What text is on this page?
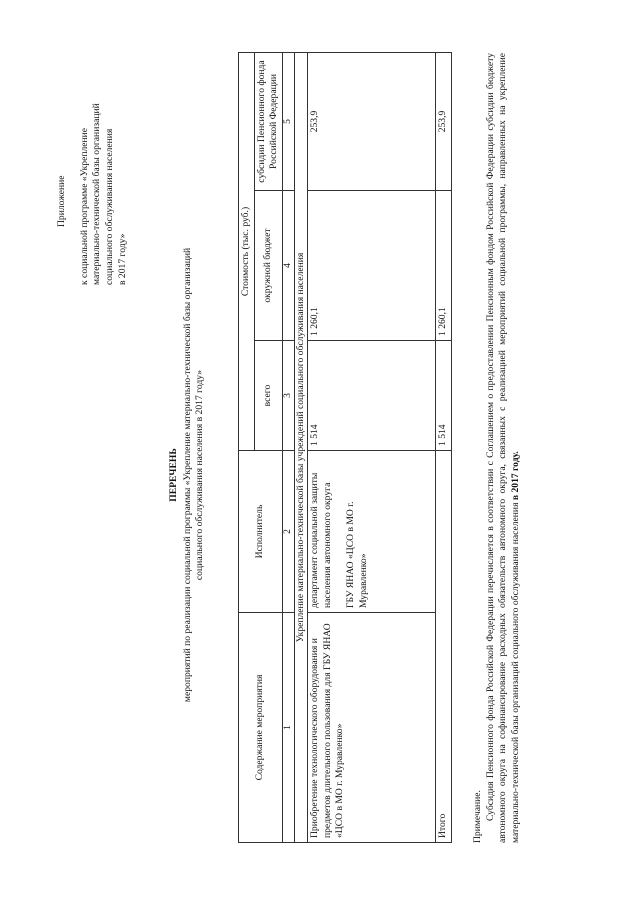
Приложение к социальной программе «Укрепление материально-технической базы организаций социального обслуживания населения в 2017 году»
ПЕРЕЧЕНЬ мероприятий по реализации социальной программы «Укрепление материально-технической базы организаций социального обслуживания населения в 2017 году»
Содержание мероприятия	Исполнитель	Стоимость (тыс. руб.)		
		всего	окружной бюджет	субсидии Пенсионного фонда Российской Федерации
1	2	3	4	5
Укрепление материально-технической базы учреждений социального обслуживания населения				
Приобретение технологического оборудования и предметов длительного пользования для ГБУ ЯНАО «ЦСО в МО г. Муравленко»	департамент социальной защиты населения автономного округа ГБУ ЯНАО «ЦСО в МО г. Муравленко»	1 514	1 260,1	253,9
Итого		1 514	1 260,1	253,9
Примечание. Субсидия Пенсионного фонда Российской Федерации перечисляется в соответствии с Соглашением о предоставлении Пенсионным фондом Российской Федерации субсидии бюджету автономного округа на софинансирование расходных обязательств автономного округа, связанных с реализацией мероприятий социальной программы, направленных на укрепление материально-технической базы организаций социального обслуживания населения в 2017 году.
